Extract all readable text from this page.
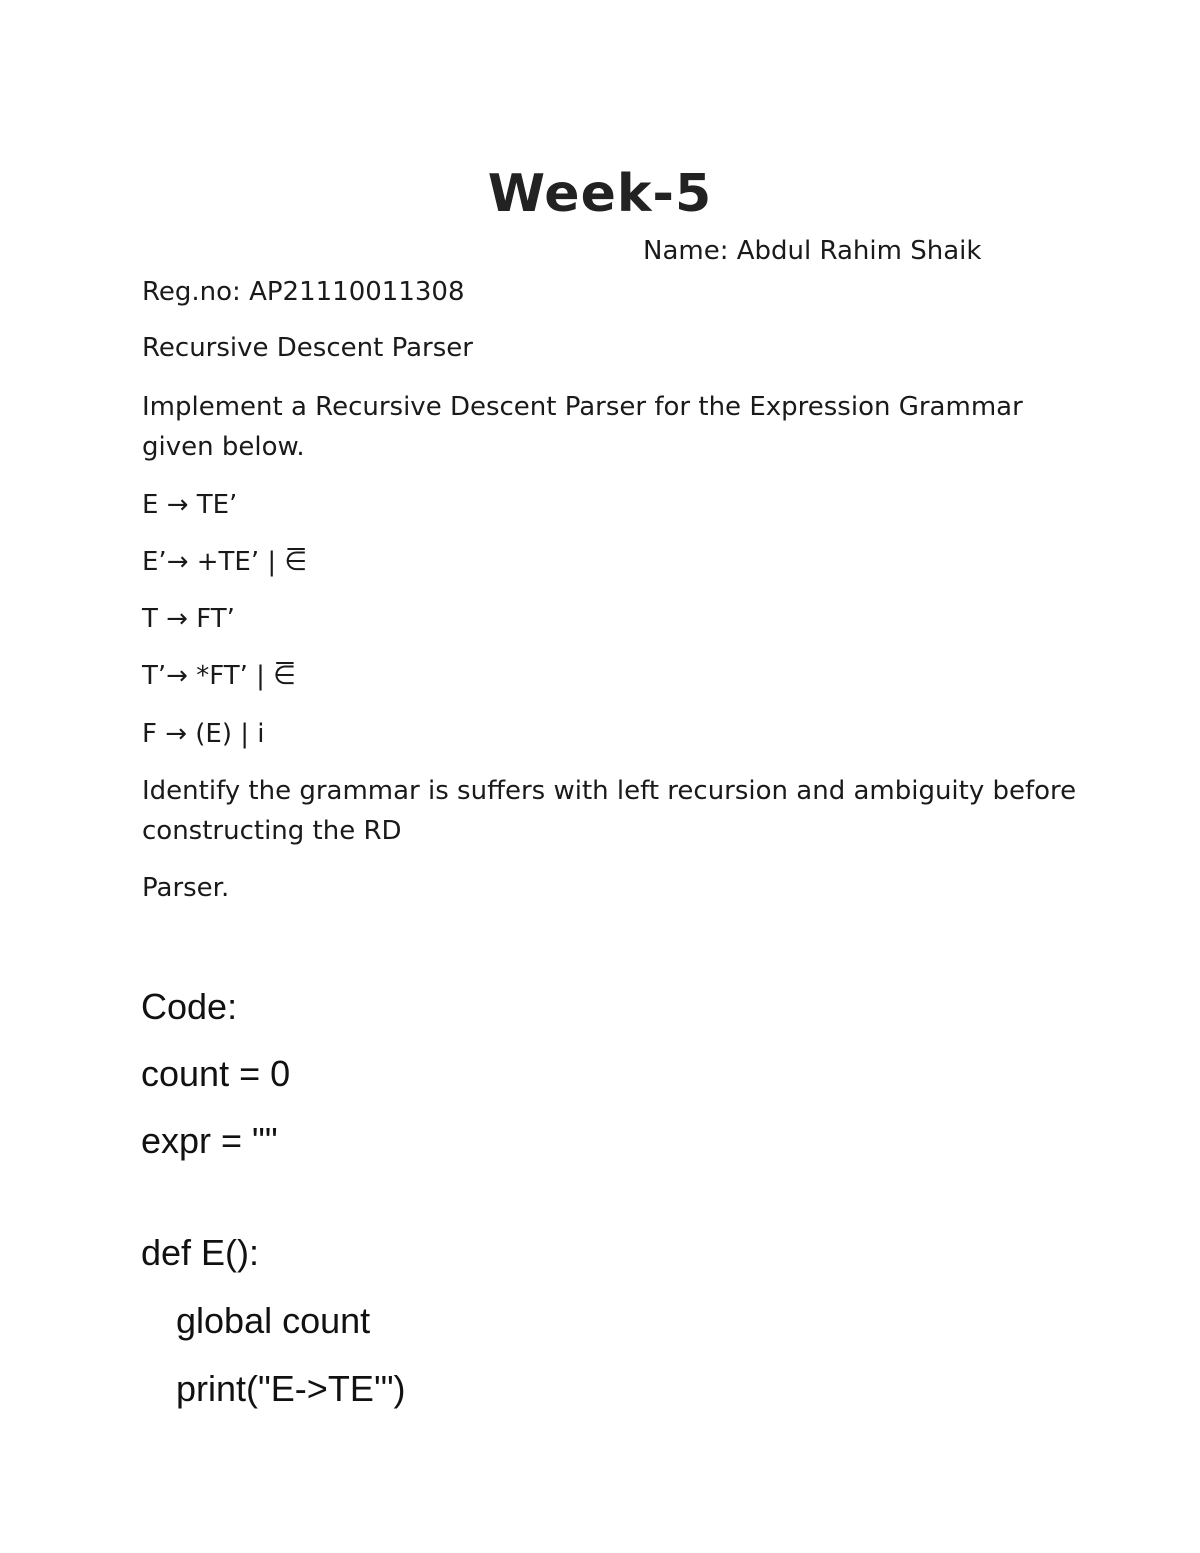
Week-5
Name: Abdul Rahim Shaik
Reg.no: AP21110011308
Recursive Descent Parser
Implement a Recursive Descent Parser for the Expression Grammar
given below.
E → TE’
E’→ +TE’ | ⋶
T → FT’
T’→ *FT’ | ⋶
F → (E) | i
Identify the grammar is suffers with left recursion and ambiguity before
constructing the RD
Parser.
Code:
count = 0
expr = ""
def E():
global count
print("E->TE'")
